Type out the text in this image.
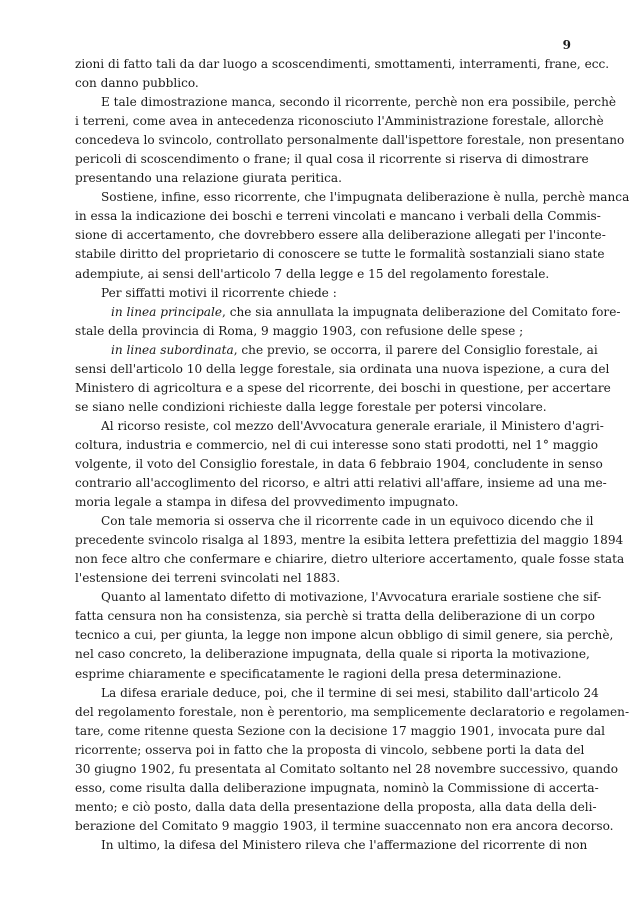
9
zioni di fatto tali da dar luogo a scoscendimenti, smottamenti, interramenti, frane, ecc.
con danno pubblico.
E tale dimostrazione manca, secondo il ricorrente, perchè non era possibile, perchè
i terreni, come avea in antecedenza riconosciuto l'Amministrazione forestale, allorchè
concedeva lo svincolo, controllato personalmente dall'ispettore forestale, non presentano
pericoli di scoscendimento o frane; il qual cosa il ricorrente si riserva di dimostrare
presentando una relazione giurata peritica.
Sostiene, infine, esso ricorrente, che l'impugnata deliberazione è nulla, perchè manca
in essa la indicazione dei boschi e terreni vincolati e mancano i verbali della Commis-
sione di accertamento, che dovrebbero essere alla deliberazione allegati per l'inconte-
stabile diritto del proprietario di conoscere se tutte le formalità sostanziali siano state
adempiute, ai sensi dell'articolo 7 della legge e 15 del regolamento forestale.
Per siffatti motivi il ricorrente chiede :
in linea principale, che sia annullata la impugnata deliberazione del Comitato fore-
stale della provincia di Roma, 9 maggio 1903, con refusione delle spese ;
in linea subordinata, che previo, se occorra, il parere del Consiglio forestale, ai
sensi dell'articolo 10 della legge forestale, sia ordinata una nuova ispezione, a cura del
Ministero di agricoltura e a spese del ricorrente, dei boschi in questione, per accertare
se siano nelle condizioni richieste dalla legge forestale per potersi vincolare.
Al ricorso resiste, col mezzo dell'Avvocatura generale erariale, il Ministero d'agri-
coltura, industria e commercio, nel di cui interesse sono stati prodotti, nel 1° maggio
volgente, il voto del Consiglio forestale, in data 6 febbraio 1904, concludente in senso
contrario all'accoglimento del ricorso, e altri atti relativi all'affare, insieme ad una me-
moria legale a stampa in difesa del provvedimento impugnato.
Con tale memoria si osserva che il ricorrente cade in un equivoco dicendo che il
precedente svincolo risalga al 1893, mentre la esibita lettera prefettizia del maggio 1894
non fece altro che confermare e chiarire, dietro ulteriore accertamento, quale fosse stata
l'estensione dei terreni svincolati nel 1883.
Quanto al lamentato difetto di motivazione, l'Avvocatura erariale sostiene che sif-
fatta censura non ha consistenza, sia perchè si tratta della deliberazione di un corpo
tecnico a cui, per giunta, la legge non impone alcun obbligo di simil genere, sia perchè,
nel caso concreto, la deliberazione impugnata, della quale si riporta la motivazione,
esprime chiaramente e specificatamente le ragioni della presa determinazione.
La difesa erariale deduce, poi, che il termine di sei mesi, stabilito dall'articolo 24
del regolamento forestale, non è perentorio, ma semplicemente declaratorio e regolamen-
tare, come ritenne questa Sezione con la decisione 17 maggio 1901, invocata pure dal
ricorrente; osserva poi in fatto che la proposta di vincolo, sebbene porti la data del
30 giugno 1902, fu presentata al Comitato soltanto nel 28 novembre successivo, quando
esso, come risulta dalla deliberazione impugnata, nominò la Commissione di accerta-
mento; e ciò posto, dalla data della presentazione della proposta, alla data della deli-
berazione del Comitato 9 maggio 1903, il termine suaccennato non era ancora decorso.
In ultimo, la difesa del Ministero rileva che l'affermazione del ricorrente di non
